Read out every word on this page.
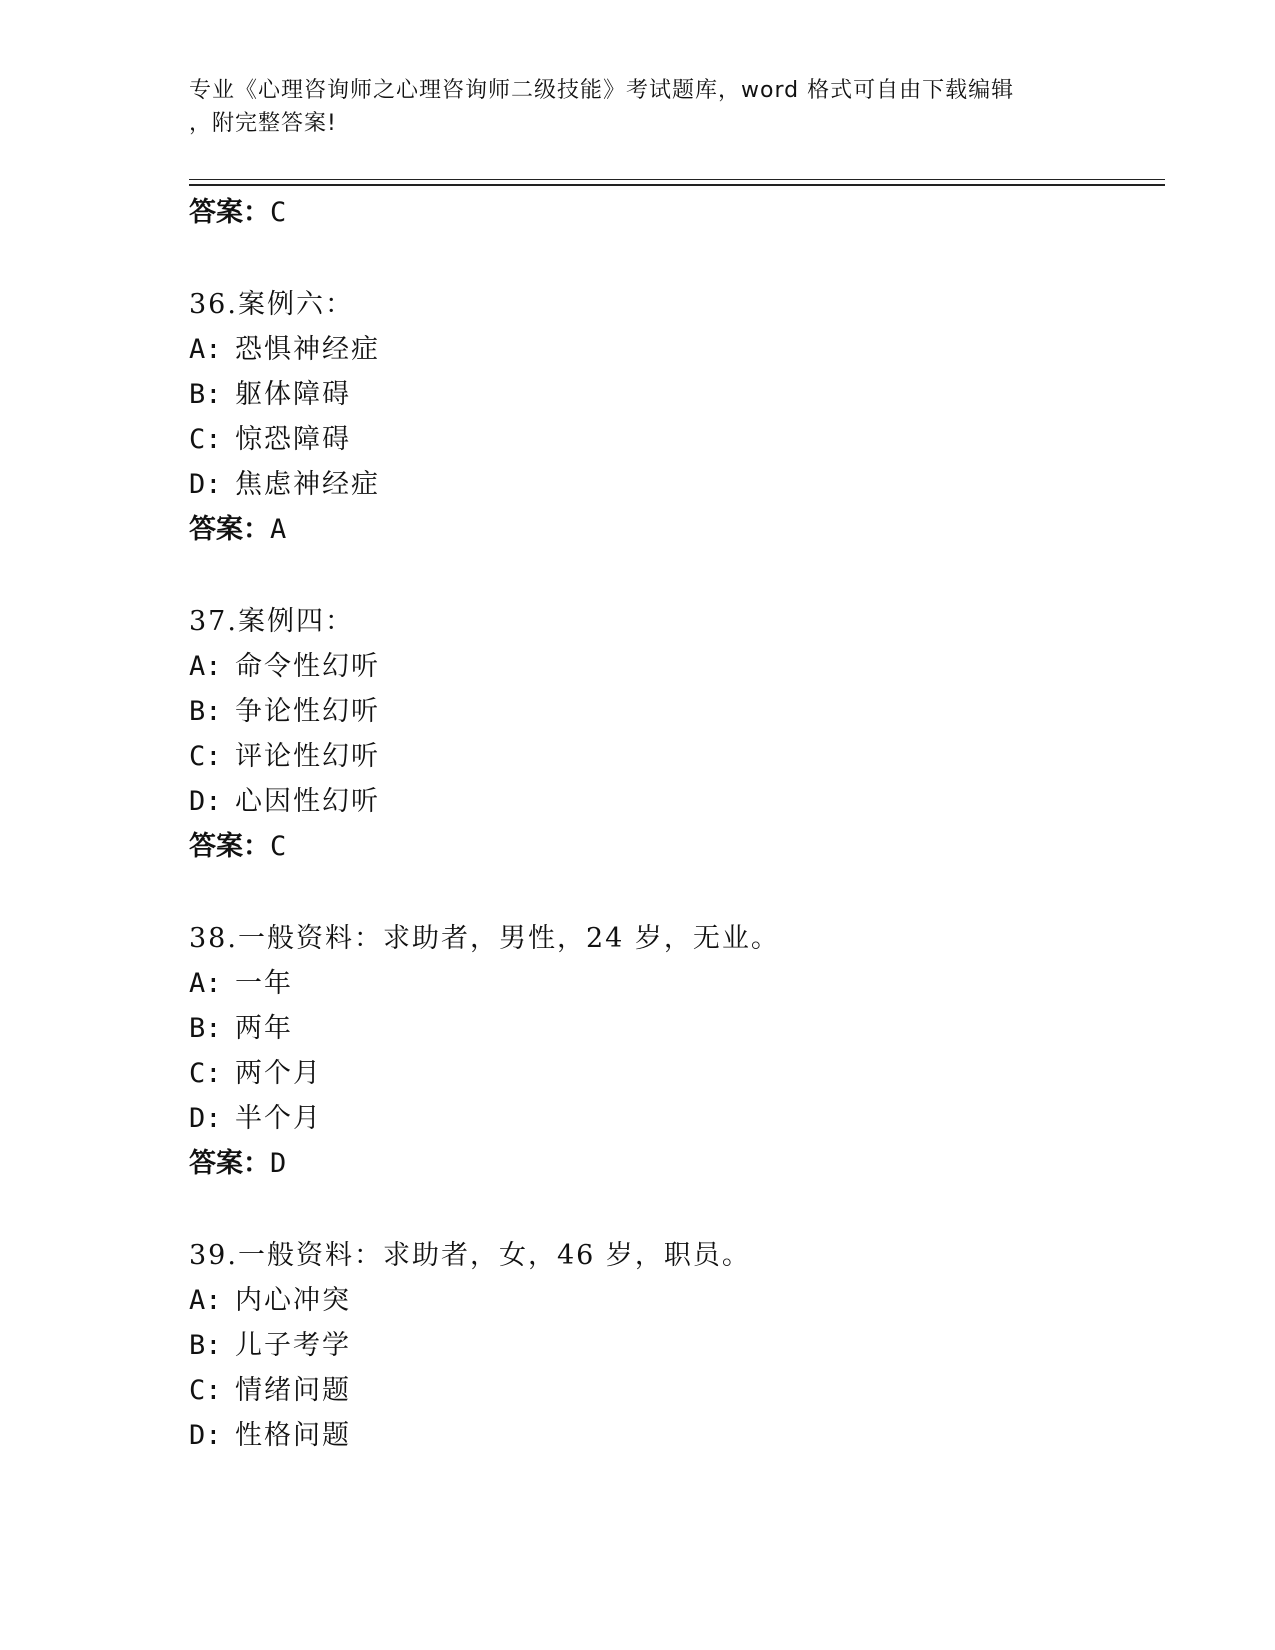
专业《心理咨询师之心理咨询师二级技能》考试题库，word 格式可自由下载编辑

，附完整答案!

答案：C
36.案例六：
A: 恐惧神经症
B: 躯体障碍
C: 惊恐障碍
D: 焦虑神经症
答案：A
37.案例四：
A: 命令性幻听
B: 争论性幻听
C: 评论性幻听
D: 心因性幻听
答案：C
38.一般资料：求助者，男性，24 岁，无业。
A: 一年
B: 两年
C: 两个月
D: 半个月
答案：D
39.一般资料：求助者，女，46 岁，职员。
A: 内心冲突
B: 儿子考学
C: 情绪问题
D: 性格问题
